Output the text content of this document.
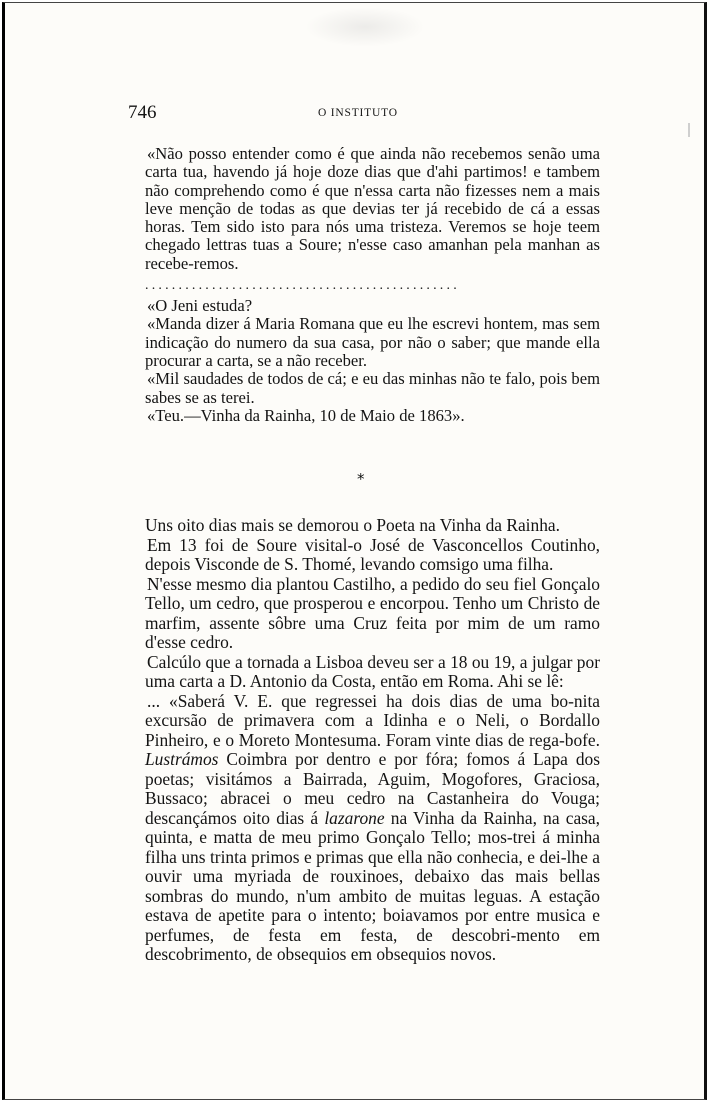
746	O INSTITUTO

«Não posso entender como é que ainda não recebemos senão uma carta tua, havendo já hoje doze dias que d'ahi partimos! e tambem não comprehendo como é que n'essa carta não fizesses nem a mais leve menção de todas as que devias ter já recebido de cá a essas horas. Tem sido isto para nós uma tristeza. Veremos se hoje teem chegado lettras tuas a Soure; n'esse caso amanhan pela manhan as recebe-remos.

...............................................

«O Jeni estuda?

«Manda dizer á Maria Romana que eu lhe escrevi hontem, mas sem indicação do numero da sua casa, por não o saber; que mande ella procurar a carta, se a não receber.

«Mil saudades de todos de cá; e eu das minhas não te falo, pois bem sabes se as terei.

«Teu.—Vinha da Rainha, 10 de Maio de 1863».

*

Uns oito dias mais se demorou o Poeta na Vinha da Rainha.

Em 13 foi de Soure visital-o José de Vasconcellos Coutinho, depois Visconde de S. Thomé, levando comsigo uma filha.

N'esse mesmo dia plantou Castilho, a pedido do seu fiel Gonçalo Tello, um cedro, que prosperou e encorpou. Tenho um Christo de marfim, assente sôbre uma Cruz feita por mim de um ramo d'esse cedro.

Calcúlo que a tornada a Lisboa deveu ser a 18 ou 19, a julgar por uma carta a D. Antonio da Costa, então em Roma. Ahi se lê:

... «Saberá V. E. que regressei ha dois dias de uma bo-nita excursão de primavera com a Idinha e o Neli, o Bordallo Pinheiro, e o Moreto Montesuma. Foram vinte dias de rega-bofe. Lustrámos Coimbra por dentro e por fóra; fomos á Lapa dos poetas; visitámos a Bairrada, Aguim, Mogofores, Graciosa, Bussaco; abracei o meu cedro na Castanheira do Vouga; descançámos oito dias á lazarone na Vinha da Rainha, na casa, quinta, e matta de meu primo Gonçalo Tello; mos-trei á minha filha uns trinta primos e primas que ella não conhecia, e dei-lhe a ouvir uma myriada de rouxinoes, debaixo das mais bellas sombras do mundo, n'um ambito de muitas leguas. A estação estava de apetite para o intento; boiavamos por entre musica e perfumes, de festa em festa, de descobri-mento em descobrimento, de obsequios em obsequios novos.
